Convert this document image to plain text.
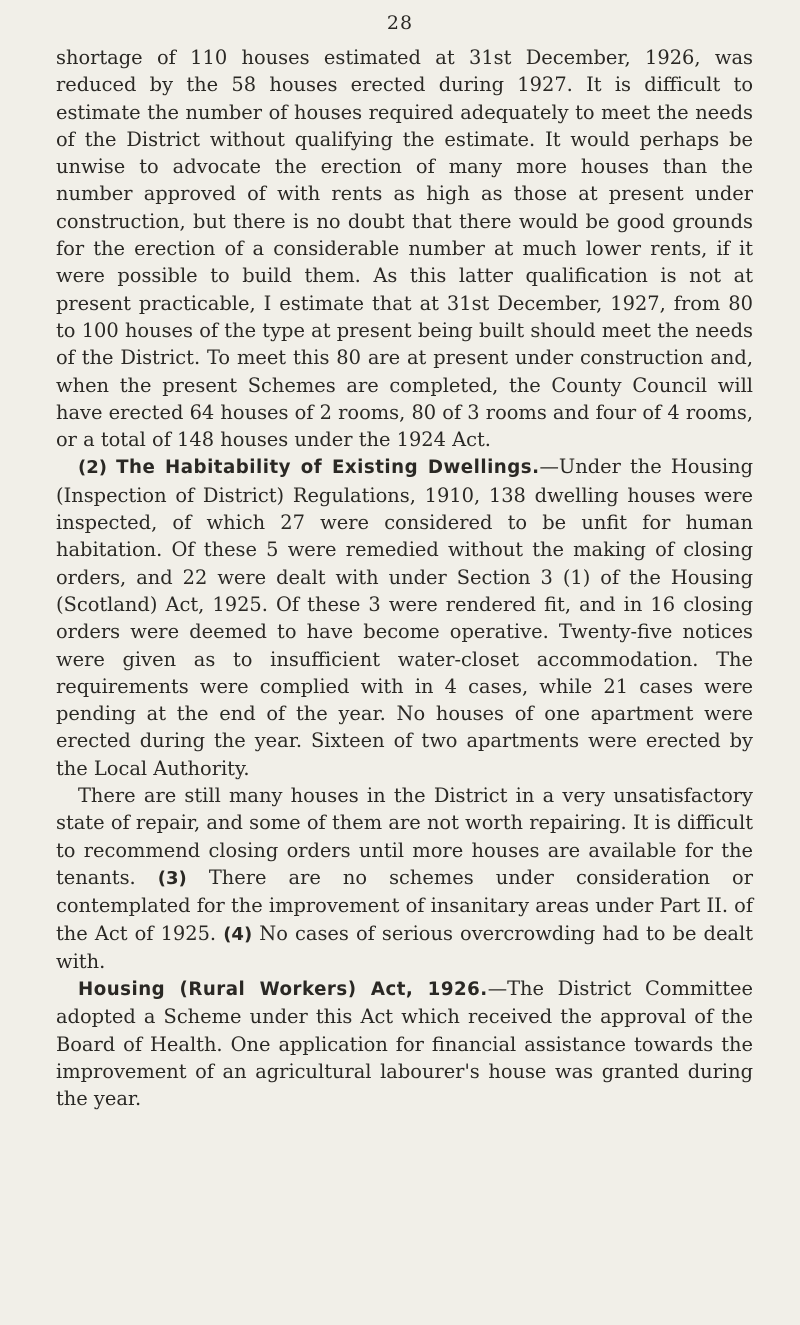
28

shortage of 110 houses estimated at 31st December, 1926, was reduced by the 58 houses erected during 1927. It is difficult to estimate the number of houses required adequately to meet the needs of the District without qualifying the estimate. It would perhaps be unwise to advocate the erection of many more houses than the number approved of with rents as high as those at present under construction, but there is no doubt that there would be good grounds for the erection of a considerable number at much lower rents, if it were possible to build them. As this latter qualification is not at present practicable, I estimate that at 31st December, 1927, from 80 to 100 houses of the type at present being built should meet the needs of the District. To meet this 80 are at present under construction and, when the present Schemes are completed, the County Council will have erected 64 houses of 2 rooms, 80 of 3 rooms and four of 4 rooms, or a total of 148 houses under the 1924 Act.

(2) The Habitability of Existing Dwellings.—Under the Housing (Inspection of District) Regulations, 1910, 138 dwelling houses were inspected, of which 27 were considered to be unfit for human habitation. Of these 5 were remedied without the making of closing orders, and 22 were dealt with under Section 3 (1) of the Housing (Scotland) Act, 1925. Of these 3 were rendered fit, and in 16 closing orders were deemed to have become operative. Twenty-five notices were given as to insufficient water-closet accommodation. The requirements were complied with in 4 cases, while 21 cases were pending at the end of the year. No houses of one apartment were erected during the year. Sixteen of two apartments were erected by the Local Authority.

There are still many houses in the District in a very unsatisfactory state of repair, and some of them are not worth repairing. It is difficult to recommend closing orders until more houses are available for the tenants. (3) There are no schemes under consideration or contemplated for the improvement of insanitary areas under Part II. of the Act of 1925. (4) No cases of serious overcrowding had to be dealt with.

Housing (Rural Workers) Act, 1926.—The District Committee adopted a Scheme under this Act which received the approval of the Board of Health. One application for financial assistance towards the improvement of an agricultural labourer's house was granted during the year.
